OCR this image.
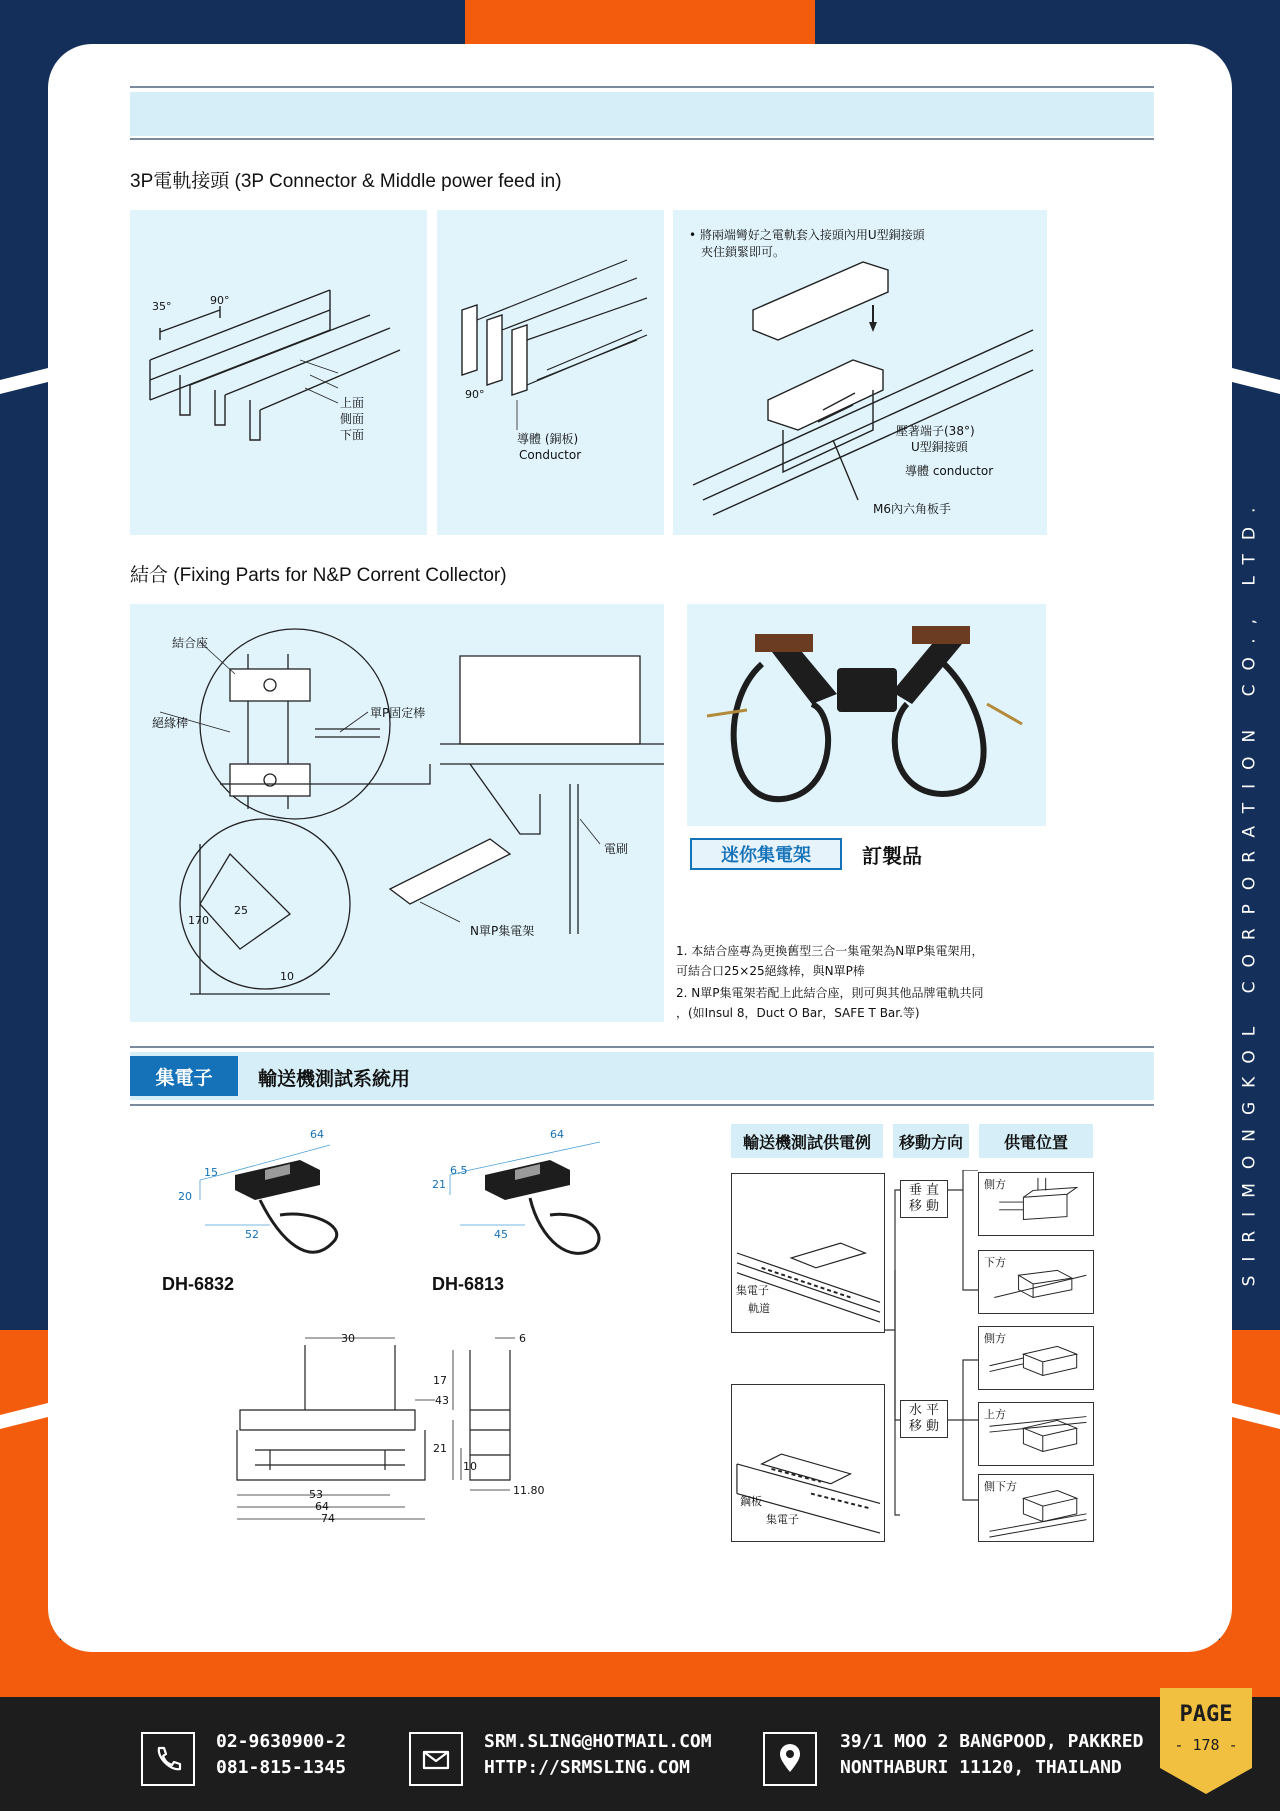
SIRIMONGKOL CORPORATION CO., LTD.
3P電軌接頭 (3P Connector & Middle power feed in)
35°	90°
上面
側面
下面
90°
導體 (銅板)
Conductor
• 將兩端彎好之電軌套入接頭內用U型銅接頭
夾住鎖緊即可。
壓著端子(38°)
U型銅接頭
導體 conductor
M6內六角板手
結合 (Fixing Parts for N&P Corrent Collector)
結合座
絕緣棒
單P固定棒
電刷
N單P集電架
25
10
170
迷你集電架	訂製品
1. 本結合座專為更換舊型三合一集電架為N單P集電架用，
可結合口25×25絕緣棒，與N單P棒
2. N單P集電架若配上此結合座，則可與其他品牌電軌共同
，(如Insul 8，Duct O Bar，SAFE T Bar.等)
集電子	輸送機測試系統用
64
15
20
52
DH-6832
64
21
6.5
45
DH-6813
30
43
53
64
74
6
17
21
10
11.80
輸送機測試供電例	移動方向	供電位置
集電子
軌道
鋼板
集電子
垂 直
移 動
水 平
移 動
側方
下方
側方
上方
側下方
02-9630900-2
081-815-1345
SRM.SLING@HOTMAIL.COM
HTTP://SRMSLING.COM
39/1 MOO 2 BANGPOOD, PAKKRED
NONTHABURI 11120, THAILAND
PAGE
- 178 -
